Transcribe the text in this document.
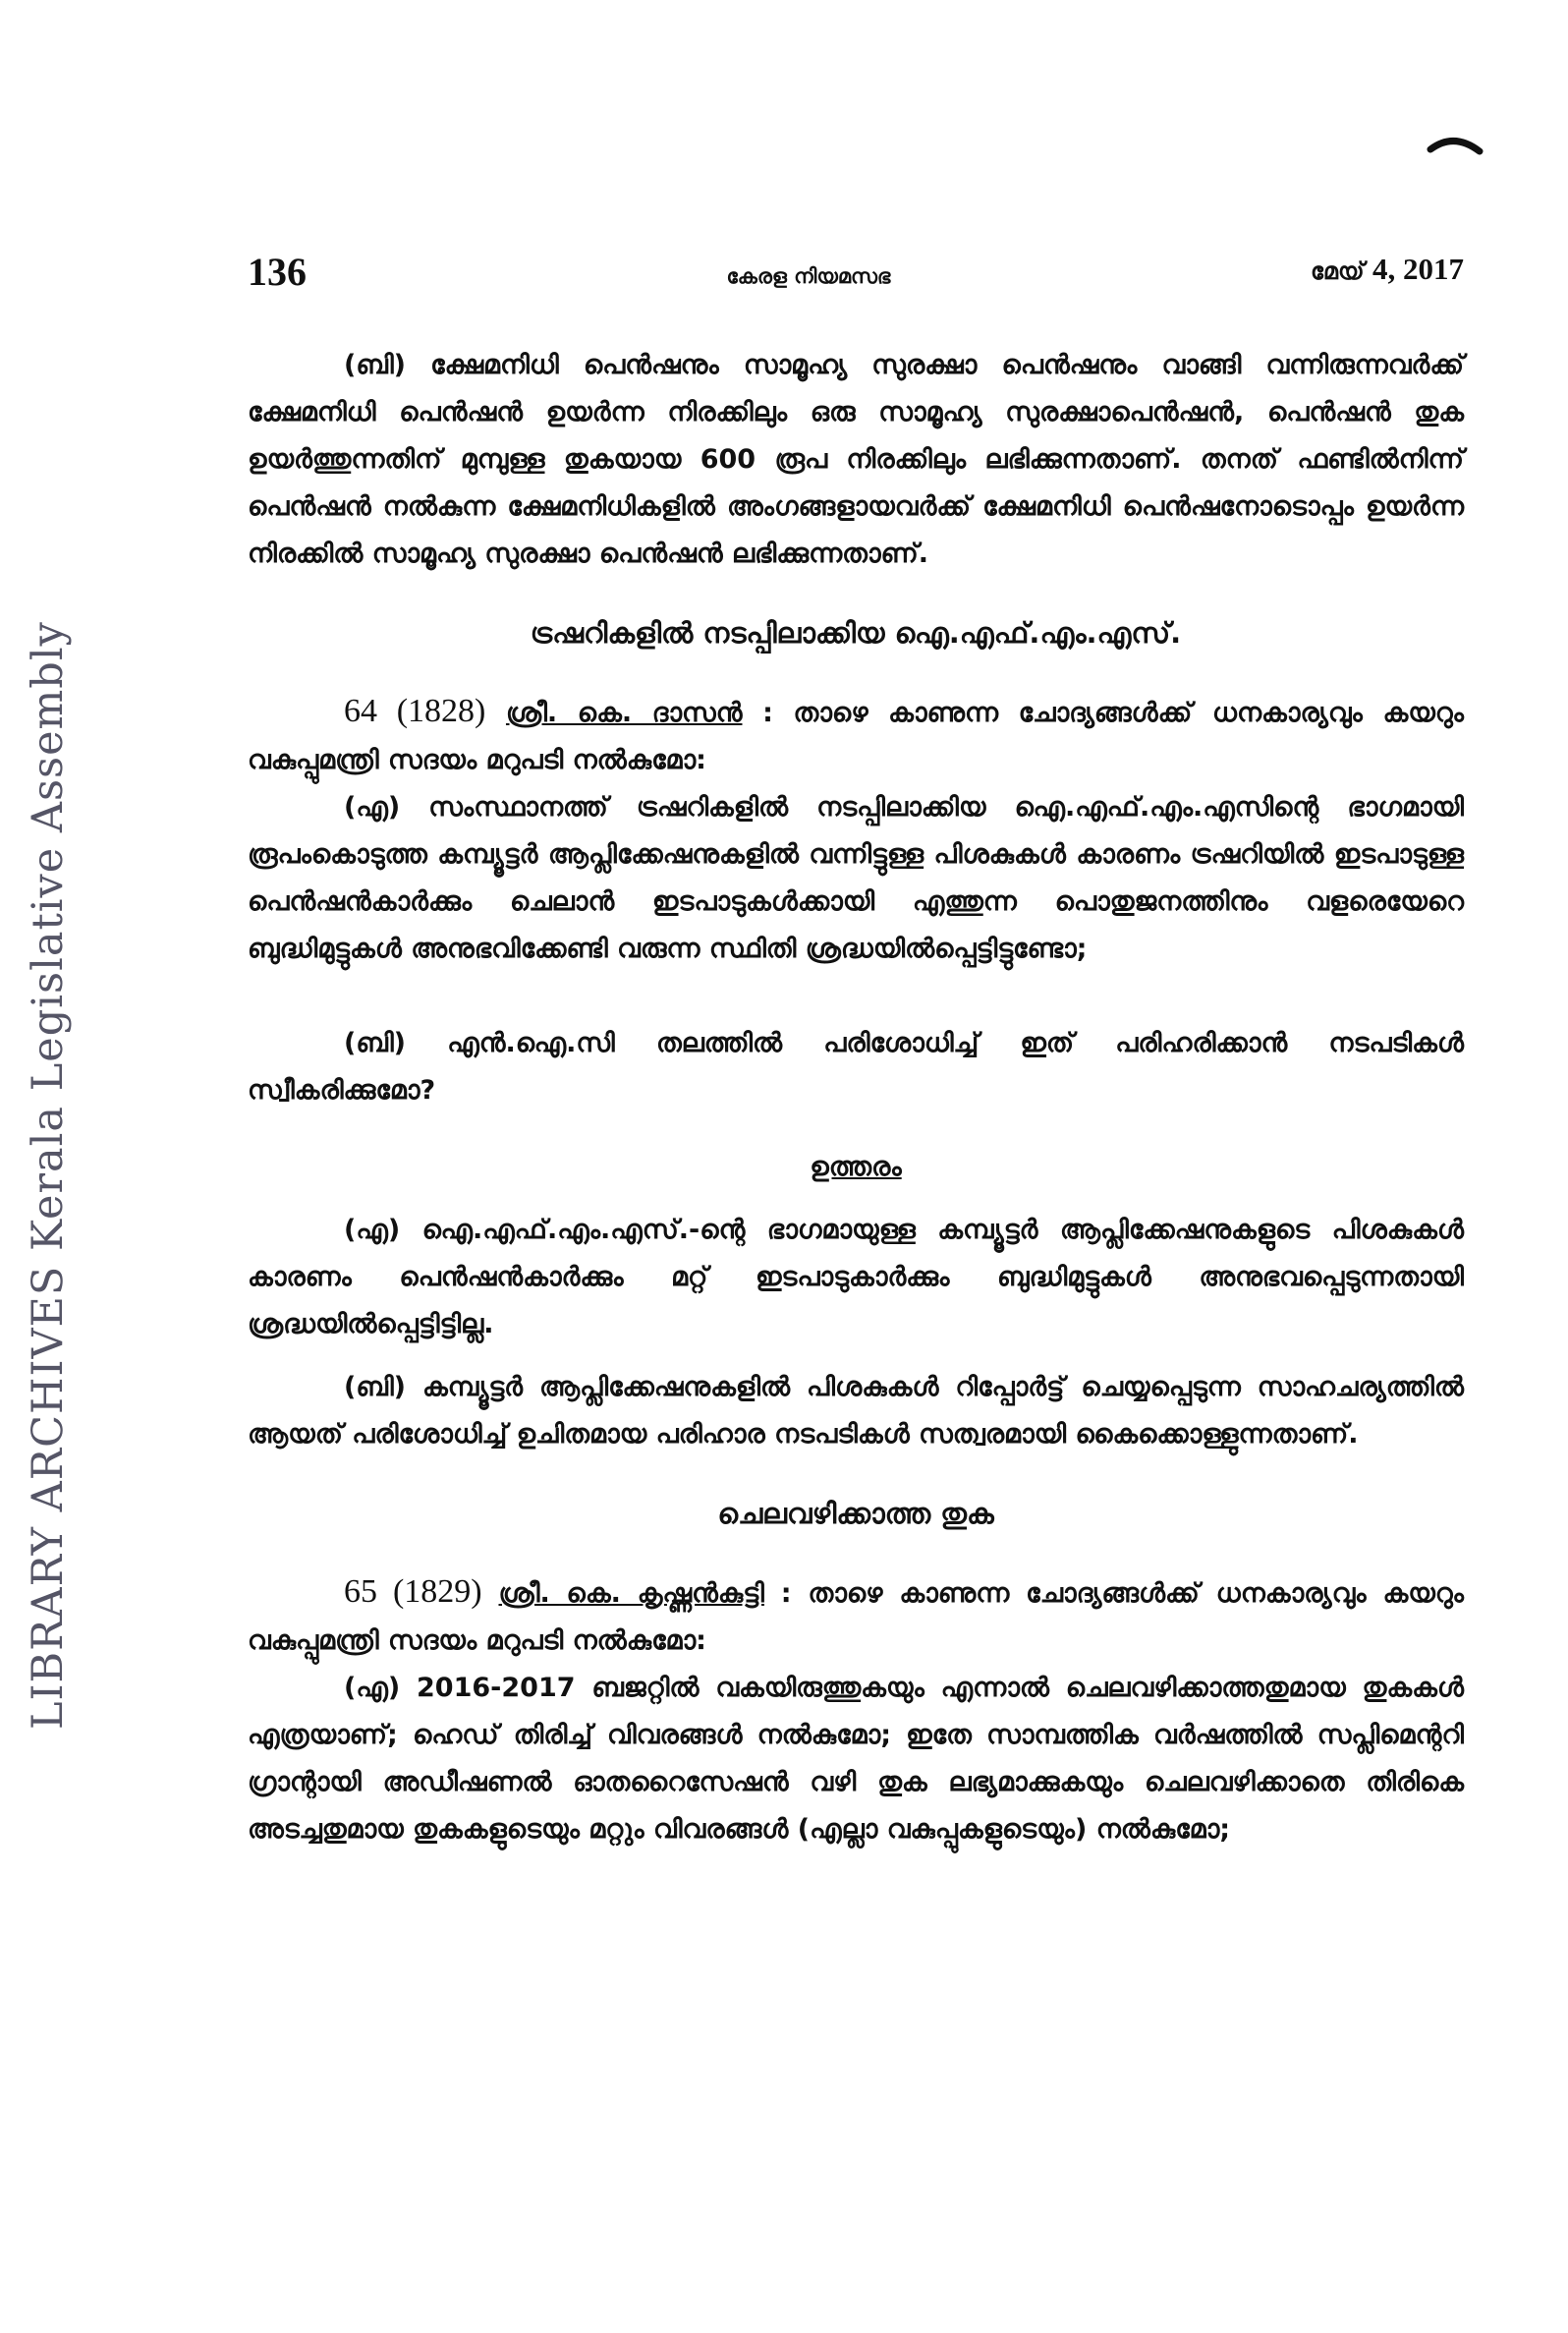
LIBRARY ARCHIVES Kerala Legislative Assembly
136	കേരള നിയമസഭ	മേയ് 4, 2017

(ബി) ക്ഷേമനിധി പെൻഷനും സാമൂഹ്യ സുരക്ഷാ പെൻഷനും വാങ്ങി വന്നിരുന്നവർക്ക് ക്ഷേമനിധി പെൻഷൻ ഉയർന്ന നിരക്കിലും ഒരു സാമൂഹ്യ സുരക്ഷാപെൻഷൻ, പെൻഷൻ തുക ഉയർത്തുന്നതിന് മുമ്പുള്ള തുകയായ 600 രൂപ നിരക്കിലും ലഭിക്കുന്നതാണ്. തനത് ഫണ്ടിൽനിന്ന് പെൻഷൻ നൽകുന്ന ക്ഷേമനിധികളിൽ അംഗങ്ങളായവർക്ക് ക്ഷേമനിധി പെൻഷനോടൊപ്പം ഉയർന്ന നിരക്കിൽ സാമൂഹ്യ സുരക്ഷാ പെൻഷൻ ലഭിക്കുന്നതാണ്.

ട്രഷറികളിൽ നടപ്പിലാക്കിയ ഐ.എഫ്.എം.എസ്.

64 (1828) ശ്രീ. കെ. ദാസൻ : താഴെ കാണുന്ന ചോദ്യങ്ങൾക്ക് ധനകാര്യവും കയറും വകുപ്പുമന്ത്രി സദയം മറുപടി നൽകുമോ:

(എ) സംസ്ഥാനത്ത് ട്രഷറികളിൽ നടപ്പിലാക്കിയ ഐ.എഫ്.എം.എസിന്റെ ഭാഗമായി രൂപംകൊടുത്ത കമ്പ്യൂട്ടർ ആപ്ലിക്കേഷനുകളിൽ വന്നിട്ടുള്ള പിശകുകൾ കാരണം ട്രഷറിയിൽ ഇടപാടുള്ള പെൻഷൻകാർക്കും ചെലാൻ ഇടപാടുകൾക്കായി എത്തുന്ന പൊതുജനത്തിനും വളരെയേറെ ബുദ്ധിമുട്ടുകൾ അനുഭവിക്കേണ്ടി വരുന്ന സ്ഥിതി ശ്രദ്ധയിൽപ്പെട്ടിട്ടുണ്ടോ;

(ബി) എൻ.ഐ.സി തലത്തിൽ പരിശോധിച്ച് ഇത് പരിഹരിക്കാൻ നടപടികൾ സ്വീകരിക്കുമോ?

ഉത്തരം

(എ) ഐ.എഫ്.എം.എസ്.-ന്റെ ഭാഗമായുള്ള കമ്പ്യൂട്ടർ ആപ്ലിക്കേഷനുകളുടെ പിശകുകൾ കാരണം പെൻഷൻകാർക്കും മറ്റ് ഇടപാടുകാർക്കും ബുദ്ധിമുട്ടുകൾ അനുഭവപ്പെടുന്നതായി ശ്രദ്ധയിൽപ്പെട്ടിട്ടില്ല.

(ബി) കമ്പ്യൂട്ടർ ആപ്ലിക്കേഷനുകളിൽ പിശകുകൾ റിപ്പോർട്ട് ചെയ്യപ്പെടുന്ന സാഹചര്യത്തിൽ ആയത് പരിശോധിച്ച് ഉചിതമായ പരിഹാര നടപടികൾ സത്വരമായി കൈക്കൊള്ളുന്നതാണ്.

ചെലവഴിക്കാത്ത തുക

65 (1829) ശ്രീ. കെ. കൃഷ്ണൻകുട്ടി : താഴെ കാണുന്ന ചോദ്യങ്ങൾക്ക് ധനകാര്യവും കയറും വകുപ്പുമന്ത്രി സദയം മറുപടി നൽകുമോ:

(എ) 2016-2017 ബജറ്റിൽ വകയിരുത്തുകയും എന്നാൽ ചെലവഴിക്കാത്തതുമായ തുകകൾ എത്രയാണ്; ഹെഡ് തിരിച്ച് വിവരങ്ങൾ നൽകുമോ; ഇതേ സാമ്പത്തിക വർഷത്തിൽ സപ്ലിമെന്ററി ഗ്രാന്റായി അഡീഷണൽ ഓതറൈസേഷൻ വഴി തുക ലഭ്യമാക്കുകയും ചെലവഴിക്കാതെ തിരികെ അടച്ചതുമായ തുകകളുടെയും മറ്റും വിവരങ്ങൾ (എല്ലാ വകുപ്പുകളുടെയും) നൽകുമോ;
